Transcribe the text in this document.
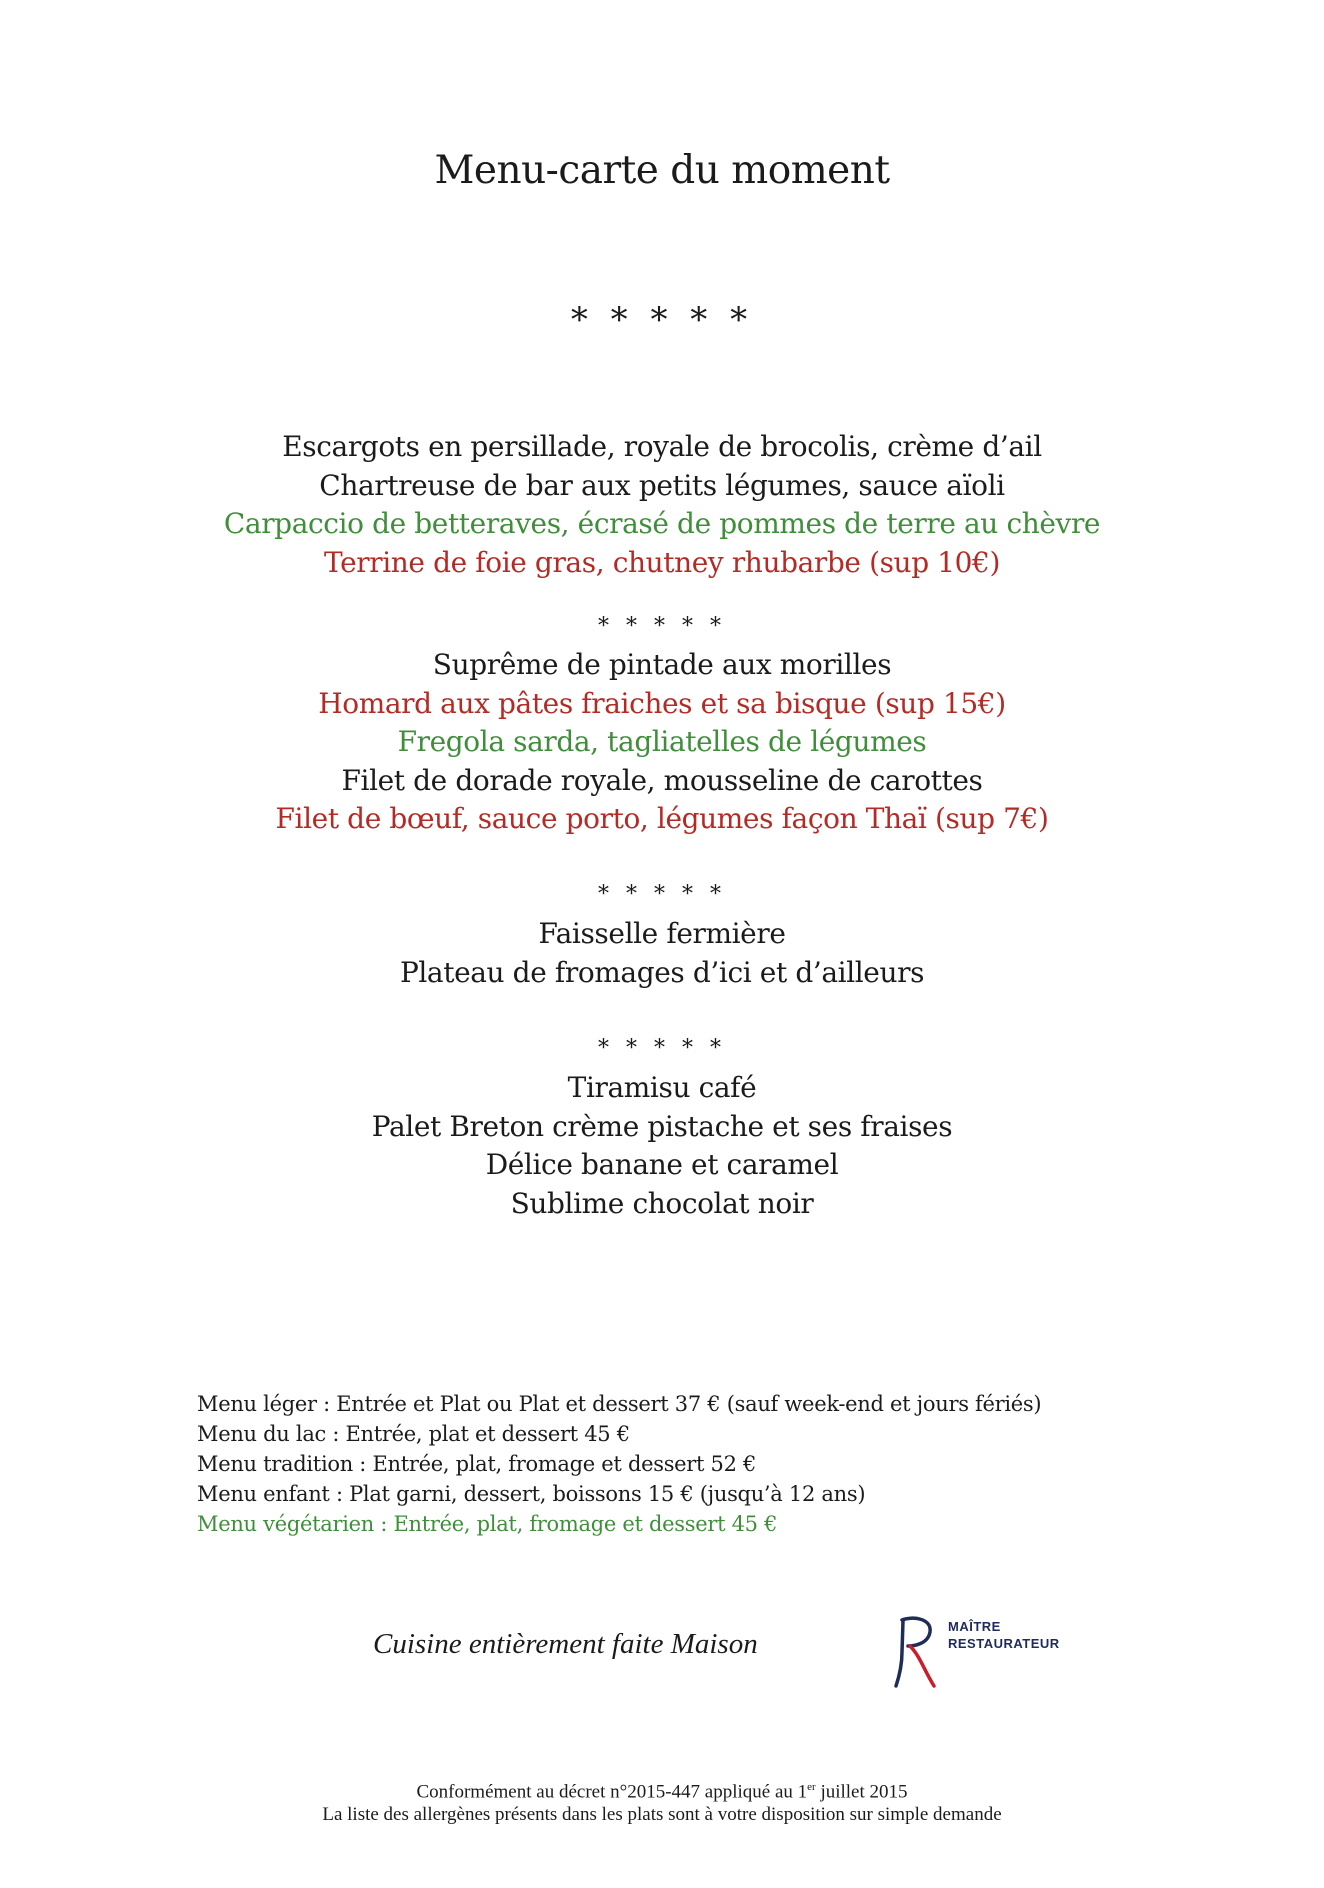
Menu-carte du moment
* * * * *
Escargots en persillade, royale de brocolis, crème d’ail
Chartreuse de bar aux petits légumes, sauce aïoli
Carpaccio de betteraves, écrasé de pommes de terre au chèvre
Terrine de foie gras, chutney rhubarbe (sup 10€)
* * * * *
Suprême de pintade aux morilles
Homard aux pâtes fraiches et sa bisque (sup 15€)
Fregola sarda, tagliatelles de légumes
Filet de dorade royale, mousseline de carottes
Filet de bœuf, sauce porto, légumes façon Thaï (sup 7€)
* * * * *
Faisselle fermière
Plateau de fromages d’ici et d’ailleurs
* * * * *
Tiramisu café
Palet Breton crème pistache et ses fraises
Délice banane et caramel
Sublime chocolat noir
Menu léger : Entrée et Plat ou Plat et dessert 37 € (sauf week-end et jours fériés)
Menu du lac : Entrée, plat et dessert 45 €
Menu tradition : Entrée, plat, fromage et dessert 52 €
Menu enfant : Plat garni, dessert, boissons 15 € (jusqu’à 12 ans)
Menu végétarien : Entrée, plat, fromage et dessert 45 €
Cuisine entièrement faite Maison
MAÎTRE
RESTAURATEUR
Conformément au décret n°2015-447 appliqué au 1er juillet 2015
La liste des allergènes présents dans les plats sont à votre disposition sur simple demande
